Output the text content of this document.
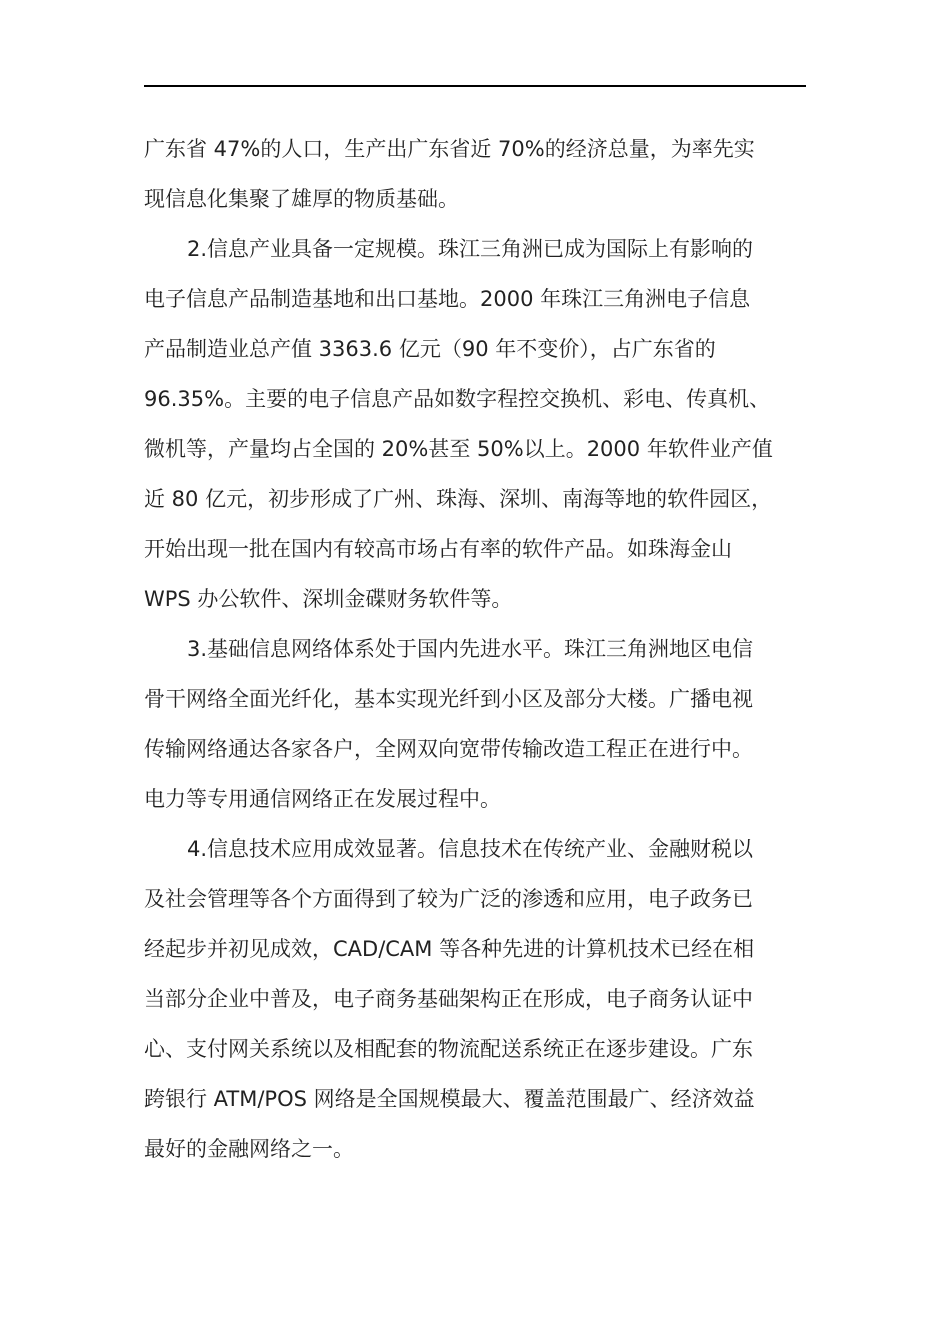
广东省 47%的人口，生产出广东省近 70%的经济总量，为率先实
现信息化集聚了雄厚的物质基础。
2.信息产业具备一定规模。珠江三角洲已成为国际上有影响的
电子信息产品制造基地和出口基地。2000 年珠江三角洲电子信息
产品制造业总产值 3363.6 亿元（90 年不变价），占广东省的
96.35%。主要的电子信息产品如数字程控交换机、彩电、传真机、
微机等，产量均占全国的 20%甚至 50%以上。2000 年软件业产值
近 80 亿元，初步形成了广州、珠海、深圳、南海等地的软件园区，
开始出现一批在国内有较高市场占有率的软件产品。如珠海金山
WPS 办公软件、深圳金碟财务软件等。
3.基础信息网络体系处于国内先进水平。珠江三角洲地区电信
骨干网络全面光纤化，基本实现光纤到小区及部分大楼。广播电视
传输网络通达各家各户，全网双向宽带传输改造工程正在进行中。
电力等专用通信网络正在发展过程中。
4.信息技术应用成效显著。信息技术在传统产业、金融财税以
及社会管理等各个方面得到了较为广泛的渗透和应用，电子政务已
经起步并初见成效，CAD/CAM 等各种先进的计算机技术已经在相
当部分企业中普及，电子商务基础架构正在形成，电子商务认证中
心、支付网关系统以及相配套的物流配送系统正在逐步建设。广东
跨银行 ATM/POS 网络是全国规模最大、覆盖范围最广、经济效益
最好的金融网络之一。
